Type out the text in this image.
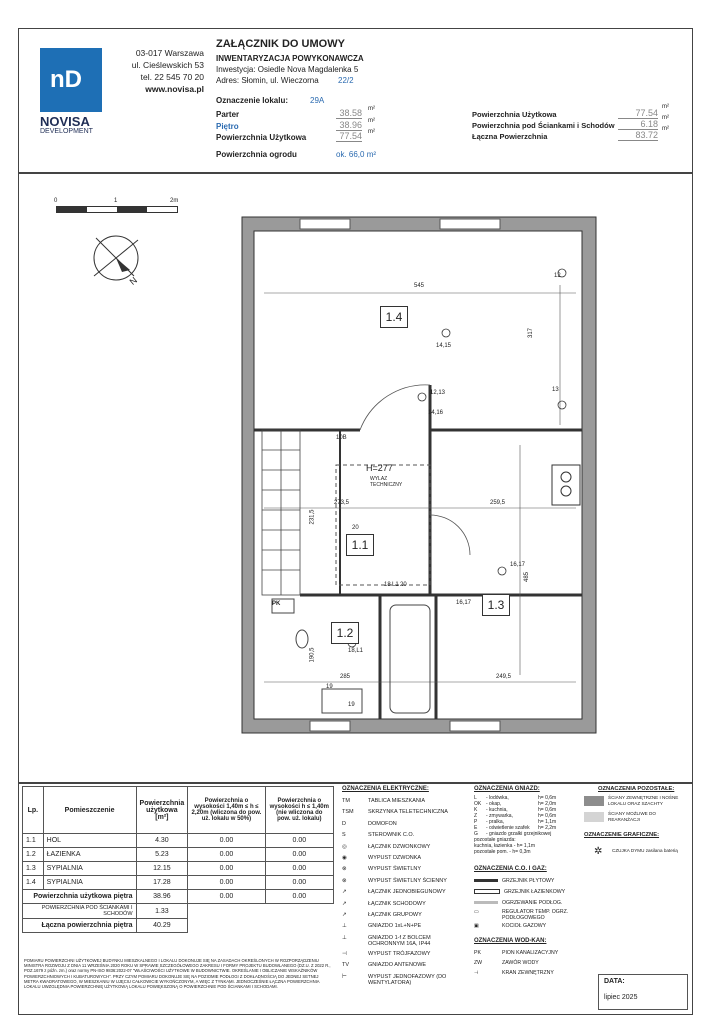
nD
NOVISA
DEVELOPMENT
03-017 Warszawa
ul. Cieślewskich 53
tel. 22 545 70 20
www.novisa.pl
ZAŁĄCZNIK DO UMOWY
INWENTARYZACJA POWYKONAWCZA
Inwestycja: Osiedle Nova Magdalenka 5
Adres: Słomin, ul. Wieczorna 22/2
Oznaczenie lokalu:	29A
Parter	38.58 m²
Piętro	38.96 m²
Powierzchnia Użytkowa	77.54 m²
Powierzchnia ogrodu	ok. 66,0 m²
Powierzchnia Użytkowa	77.54
m²
Powierzchnia pod Ściankami i Schodów	6.18
m²
Łączna Powierzchnia	83.72
m²
0	1	2m
N
1.4
1.1
1.2
1.3
545
317
273,5	259,5
485
285	249,5
190,5
231,5
H=277
WYLAZ TECHNICZNY
PK
12
13
14,15
12,13
14,16
16,17
16,17
18,L1
19
20
18 L1 20
10B
19
Lp.	Pomieszczenie	Powierzchnia użytkowa [m²]	Powierzchnia o wysokości 1,40m ≤ h ≤ 2,20m (wliczona do pow. uż. lokalu w 50%)	Powierzchnia o wysokości h ≤ 1,40m (nie wliczona do pow. uż. lokalu)
1.1	HOL	4.30	0.00	0.00
1.2	ŁAZIENKA	5.23	0.00	0.00
1.3	SYPIALNIA	12.15	0.00	0.00
1.4	SYPIALNIA	17.28	0.00	0.00
Powierzchnia użytkowa piętra		38.96	0.00	0.00
POWIERZCHNIA POD ŚCIANKAMI I SCHODÓW		1.33		
Łączna powierzchnia piętra		40.29		
POMIARU POWIERZCHNI UŻYTKOWEJ BUDYNKU MIESZKALNEGO I LOKALU DOKONUJE SIĘ NA ZASADACH OKREŚLONYCH W ROZPORZĄDZENIU MINISTRA ROZWOJU Z DNIA 11 WRZEŚNIA 2020 ROKU W SPRAWIE SZCZEGÓŁOWEGO ZAKRESU I FORMY PROJEKTU BUDOWLANEGO (DZ.U. Z 2022 R., POZ.1679 z późn. zm.) oraz normy PN-ISO 9836:2022-07 "WŁAŚCIWOŚCI UŻYTKOWE W BUDOWNICTWIE. OKREŚLANIE I OBLICZANIE WSKAŹNIKÓW POWIERZCHNIOWYCH I KUBATUROWYCH". PRZY CZYM POMIARU DOKONUJE SIĘ NA POZIOMIE PODŁOGI Z DOKŁADNOŚCIĄ DO JEDNEJ SETNEJ METRA KWADRATOWEGO, W MIESZKANIU W UJĘCIU CAŁKOWICIE WYKOŃCZONYM, A WIĘC Z TYNKAMI. JEDNOCZEŚNIE ŁĄCZNA POWIERZCHNIA LOKALU UWZGLĘDNIA POWIERZCHNIĘ UŻYTKOWĄ LOKALU POWIĘKSZONĄ O POWIERZCHNIE POD ŚCIANKAMI I SCHODAMI.
OZNACZENIA ELEKTRYCZNE:
TM	TABLICA MIESZKANIA
TSM	SKRZYNKA TELETECHNICZNA
D	DOMOFON
S	STEROWNIK C.O.
◎	ŁĄCZNIK DZWONKOWY
◉	WYPUST DZWONKA
⊗	WYPUST ŚWIETLNY
⊗	WYPUST ŚWIETLNY ŚCIENNY
↗	ŁĄCZNIK JEDNOBIEGUNOWY
↗	ŁĄCZNIK SCHODOWY
↗	ŁĄCZNIK GRUPOWY
⊥	GNIAZDO 1xL+N+PE
⊥	GNIAZDO 1-f Z BOLCEM OCHRONNYM 16A, IP44
⊣	WYPUST TRÓJFAZOWY
TV	GNIAZDO ANTENOWE
⊢	WYPUST JEDNOFAZOWY (DO WENTYLATORA)
OZNACZENIA GNIAZD:
L - lodówka,	h= 0,6m
OK - okap,	h= 2,0m
K - kuchnia,	h= 0,6m
Z - zmywarka,	h= 0,6m
P - pralka,	h= 1,1m
E - oświetlenie szafek h= 2,2m
G - gniazdo grzałki grzejnikowej
pozostałe gniazda:
kuchnia, łazienka - h= 1,1m
pozostałe pom. - h= 0,3m
OZNACZENIA C.O. I GAZ:
GRZEJNIK PŁYTOWY
GRZEJNIK ŁAZIENKOWY
OGRZEWANIE PODŁOG.
▭	REGULATOR TEMP. OGRZ. PODŁOGOWEGO
▣	KOCIOŁ GAZOWY
OZNACZENIA WOD-KAN:
PK	PION KANALIZACYJNY
ZW	ZAWÓR WODY
⊣	KRAN ZEWNĘTRZNY
OZNACZENIA POZOSTAŁE:
ŚCIANY ZEWNĘTRZNE I NOŚNE LOKALU ORAZ SZACHTY
ŚCIANY MOŻLIWE DO REARANŻACJI
OZNACZENIE GRAFICZNE:
✲ CZUJKA DYMU zasilana baterią
DATA:
lipiec 2025
